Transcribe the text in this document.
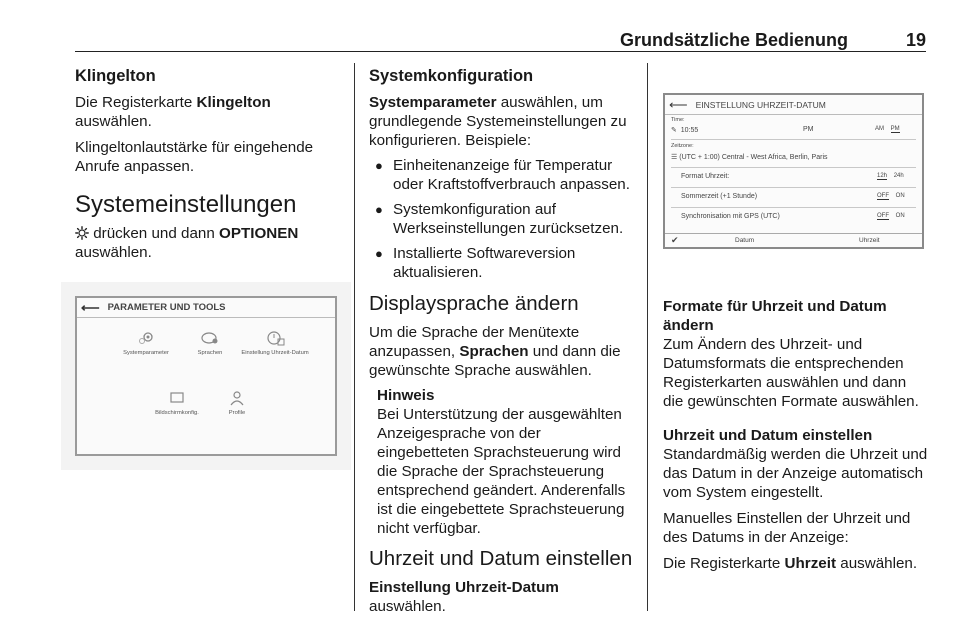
Grundsätzliche Bedienung	19
Klingelton

Die Registerkarte Klingelton auswählen.

Klingeltonlautstärke für eingehende Anrufe anpassen.

Systemeinstellungen

drücken und dann OPTIONEN auswählen.

⟵ PARAMETER UND TOOLS
Systemparameter	Sprachen	Einstellung Uhrzeit-Datum
Bildschirmkonfig.	Profile
Systemkonfiguration

Systemparameter auswählen, um grundlegende Systemeinstellungen zu konfigurieren. Beispiele:

● Einheitenanzeige für Temperatur oder Kraftstoffverbrauch anpassen.
● Systemkonfiguration auf Werkseinstellungen zurücksetzen.
● Installierte Softwareversion aktualisieren.
Displaysprache ändern

Um die Sprache der Menütexte anzupassen, Sprachen und dann die gewünschte Sprache auswählen.

Hinweis

Bei Unterstützung der ausgewählten Anzeigesprache von der eingebetteten Sprachsteuerung wird die Sprache der Sprachsteuerung entsprechend geändert. Anderenfalls ist die eingebettete Sprachsteuerung nicht verfügbar.

Uhrzeit und Datum einstellen

Einstellung Uhrzeit-Datum auswählen.

⟵ EINSTELLUNG UHRZEIT-DATUM
Time:
✎ 10:55	PM	AM PM
Zeitzone:
☰ (UTC + 1:00) Central - West Africa, Berlin, Paris
Format Uhrzeit:	12h 24h
Sommerzeit (+1 Stunde)	OFF ON
Synchronisation mit GPS (UTC)	OFF ON
✔	Datum	Uhrzeit
Formate für Uhrzeit und Datum ändern

Zum Ändern des Uhrzeit- und Datumsformats die entsprechenden Registerkarten auswählen und dann die gewünschten Formate auswählen.

Uhrzeit und Datum einstellen

Standardmäßig werden die Uhrzeit und das Datum in der Anzeige automatisch vom System eingestellt.

Manuelles Einstellen der Uhrzeit und des Datums in der Anzeige:

Die Registerkarte Uhrzeit auswählen.
